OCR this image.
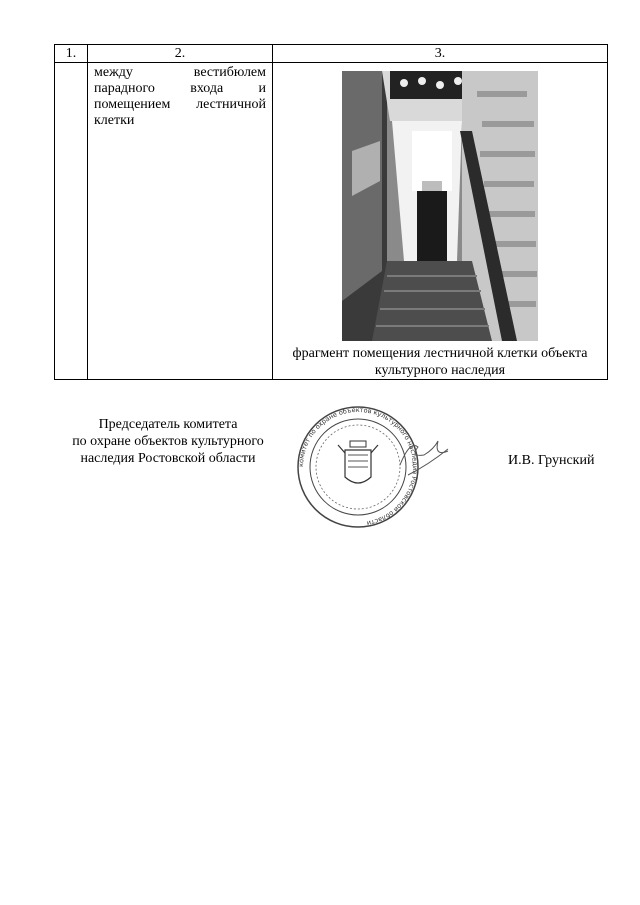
1.	2.	3.

	между вестибюлем парадного входа и помещением лестничной клетки	фрагмент помещения лестничной клетки объекта культурного наследия
Председатель комитета
по охране объектов культурного
наследия Ростовской области	комитет по охране объектов культурного наследия Ростовской области
И.В. Грунский
